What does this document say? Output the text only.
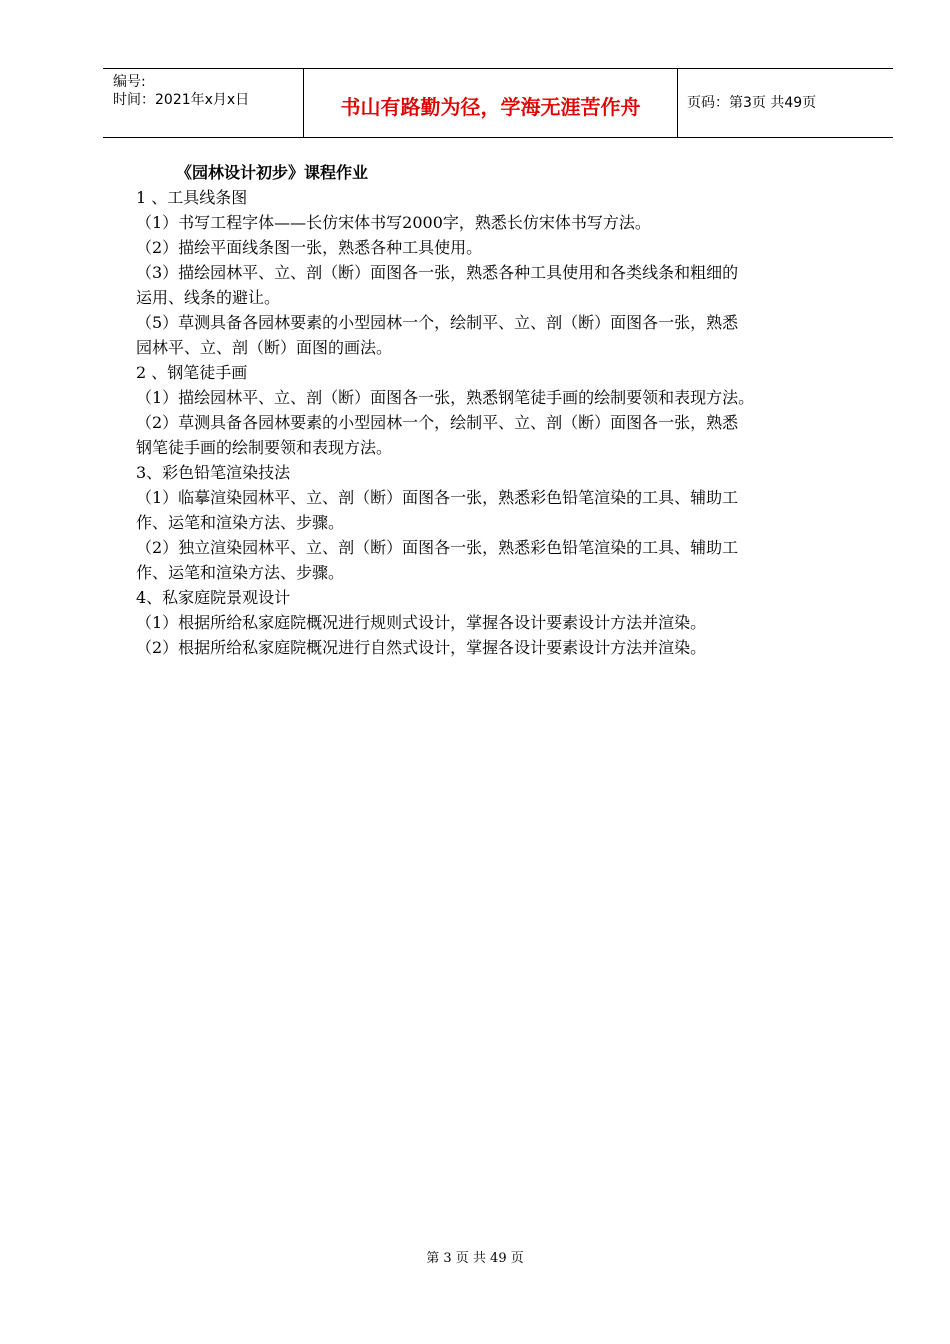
编号:
时间：2021年x月x日	书山有路勤为径，学海无涯苦作舟	页码：第3页 共49页

《园林设计初步》课程作业

1 、工具线条图

（1）书写工程字体——长仿宋体书写2000字，熟悉长仿宋体书写方法。

（2）描绘平面线条图一张，熟悉各种工具使用。

（3）描绘园林平、立、剖（断）面图各一张，熟悉各种工具使用和各类线条和粗细的

运用、线条的避让。

（5）草测具备各园林要素的小型园林一个，绘制平、立、剖（断）面图各一张，熟悉

园林平、立、剖（断）面图的画法。

2 、钢笔徒手画

（1）描绘园林平、立、剖（断）面图各一张，熟悉钢笔徒手画的绘制要领和表现方法。

（2）草测具备各园林要素的小型园林一个，绘制平、立、剖（断）面图各一张，熟悉

钢笔徒手画的绘制要领和表现方法。

3、彩色铅笔渲染技法

（1）临摹渲染园林平、立、剖（断）面图各一张，熟悉彩色铅笔渲染的工具、辅助工

作、运笔和渲染方法、步骤。

（2）独立渲染园林平、立、剖（断）面图各一张，熟悉彩色铅笔渲染的工具、辅助工

作、运笔和渲染方法、步骤。

4、私家庭院景观设计

（1）根据所给私家庭院概况进行规则式设计，掌握各设计要素设计方法并渲染。

（2）根据所给私家庭院概况进行自然式设计，掌握各设计要素设计方法并渲染。

第 3 页 共 49 页
